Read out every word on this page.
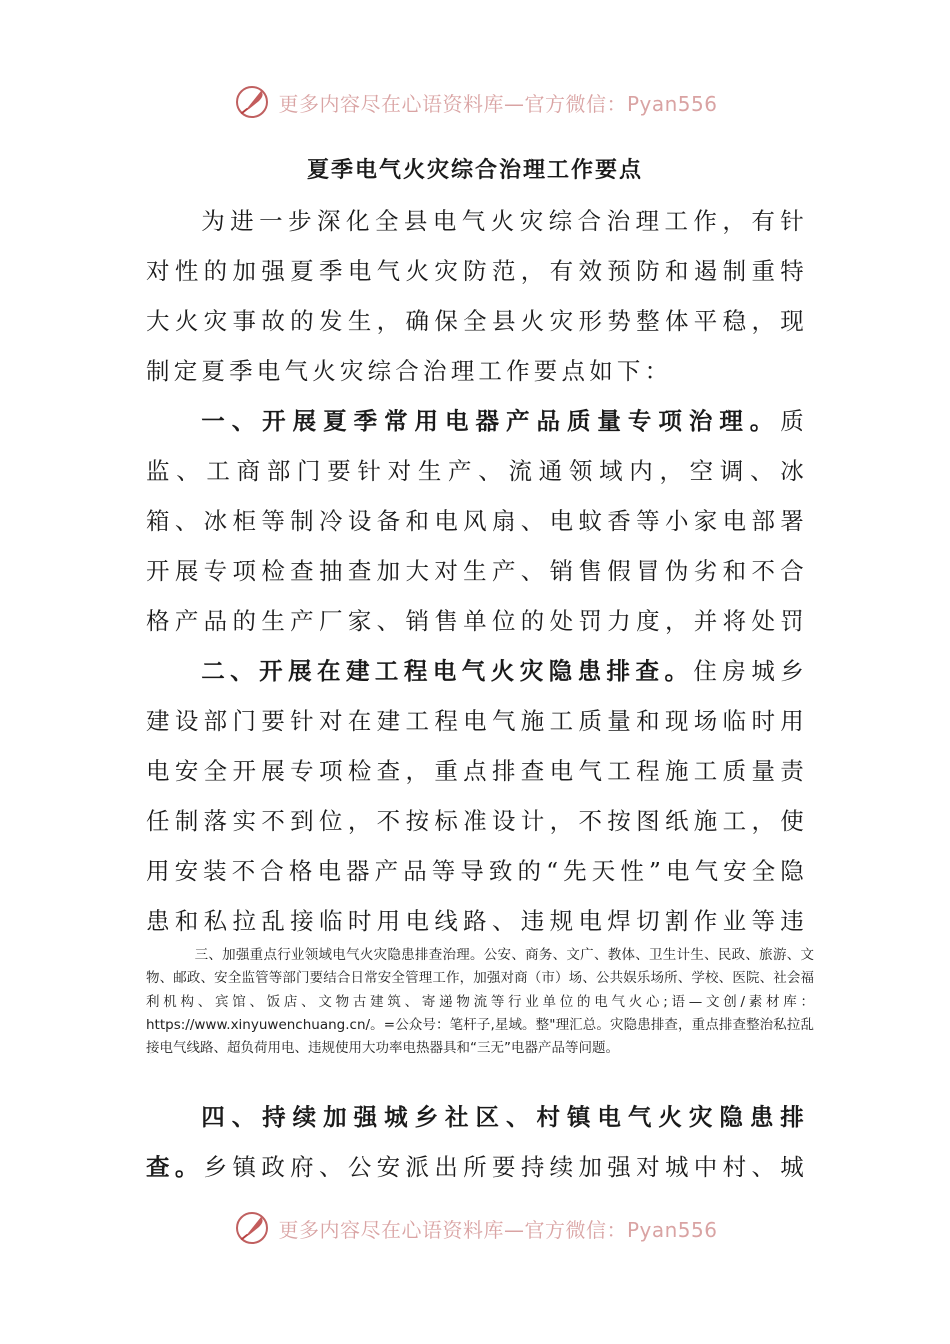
更多内容尽在心语资料库—官方微信：Pyan556
夏季电气火灾综合治理工作要点

为进一步深化全县电气火灾综合治理工作，有针对性的加强夏季电气火灾防范，有效预防和遏制重特大火灾事故的发生，确保全县火灾形势整体平稳，现制定夏季电气火灾综合治理工作要点如下：

一、开展夏季常用电器产品质量专项治理。质监、工商部门要针对生产、流通领域内，空调、冰箱、冰柜等制冷设备和电风扇、电蚊香等小家电部署开展专项检查抽查加大对生产、销售假冒伪劣和不合格产品的生产厂家、销售单位的处罚力度，并将处罚

二、开展在建工程电气火灾隐患排查。住房城乡建设部门要针对在建工程电气施工质量和现场临时用电安全开展专项检查，重点排查电气工程施工质量责任制落实不到位，不按标准设计，不按图纸施工，使用安装不合格电器产品等导致的“先天性”电气安全隐患和私拉乱接临时用电线路、违规电焊切割作业等违

三、加强重点行业领域电气火灾隐患排查治理。公安、商务、文广、教体、卫生计生、民政、旅游、文物、邮政、安全监管等部门要结合日常安全管理工作，加强对商（市）场、公共娱乐场所、学校、医院、社会福利机构、宾馆、饭店、文物古建筑、寄递物流等行业单位的电气火心;语—文创/素材库：https://www.xinyuwenchuang.cn/。=公众号：笔杆子,星域。整"理汇总。灾隐患排查，重点排查整治私拉乱接电气线路、超负荷用电、违规使用大功率电热器具和“三无”电器产品等问题。

四、持续加强城乡社区、村镇电气火灾隐患排查。乡镇政府、公安派出所要持续加强对城中村、城

更多内容尽在心语资料库—官方微信：Pyan556
